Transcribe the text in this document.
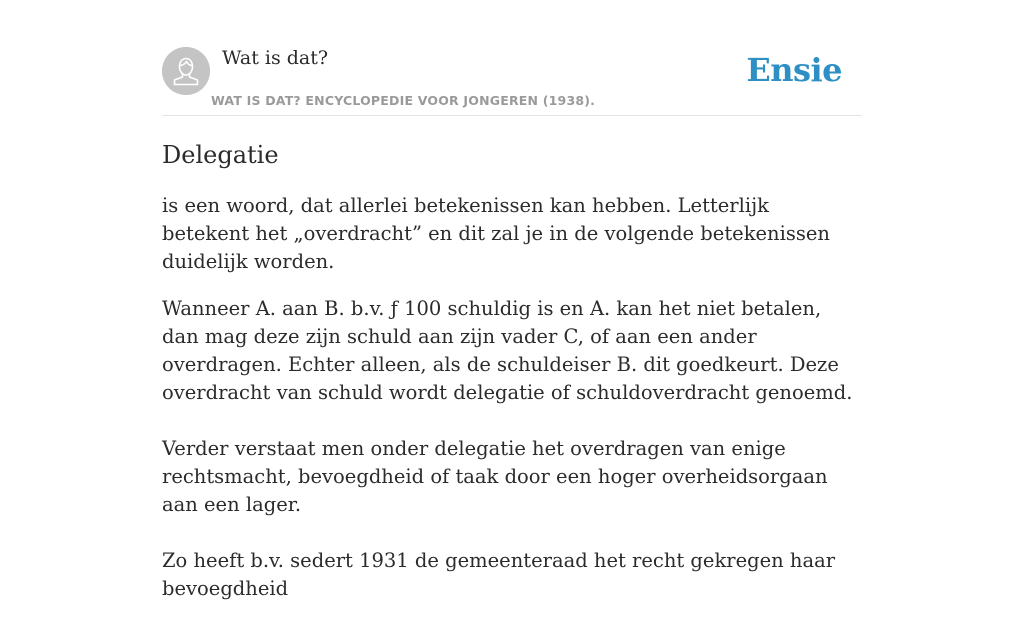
Wat is dat?
WAT IS DAT? ENCYCLOPEDIE VOOR JONGEREN (1938).
Ensie
Delegatie

is een woord, dat allerlei betekenissen kan hebben. Letterlijk betekent het „overdracht” en dit zal je in de volgende betekenissen duidelijk worden.

Wanneer A. aan B. b.v. ƒ 100 schuldig is en A. kan het niet betalen, dan mag deze zijn schuld aan zijn vader C, of aan een ander overdragen. Echter alleen, als de schuldeiser B. dit goedkeurt. Deze overdracht van schuld wordt delegatie of schuldoverdracht genoemd.

Verder verstaat men onder delegatie het overdragen van enige rechtsmacht, bevoegdheid of taak door een hoger overheidsorgaan aan een lager.

Zo heeft b.v. sedert 1931 de gemeenteraad het recht gekregen haar bevoegdheid
